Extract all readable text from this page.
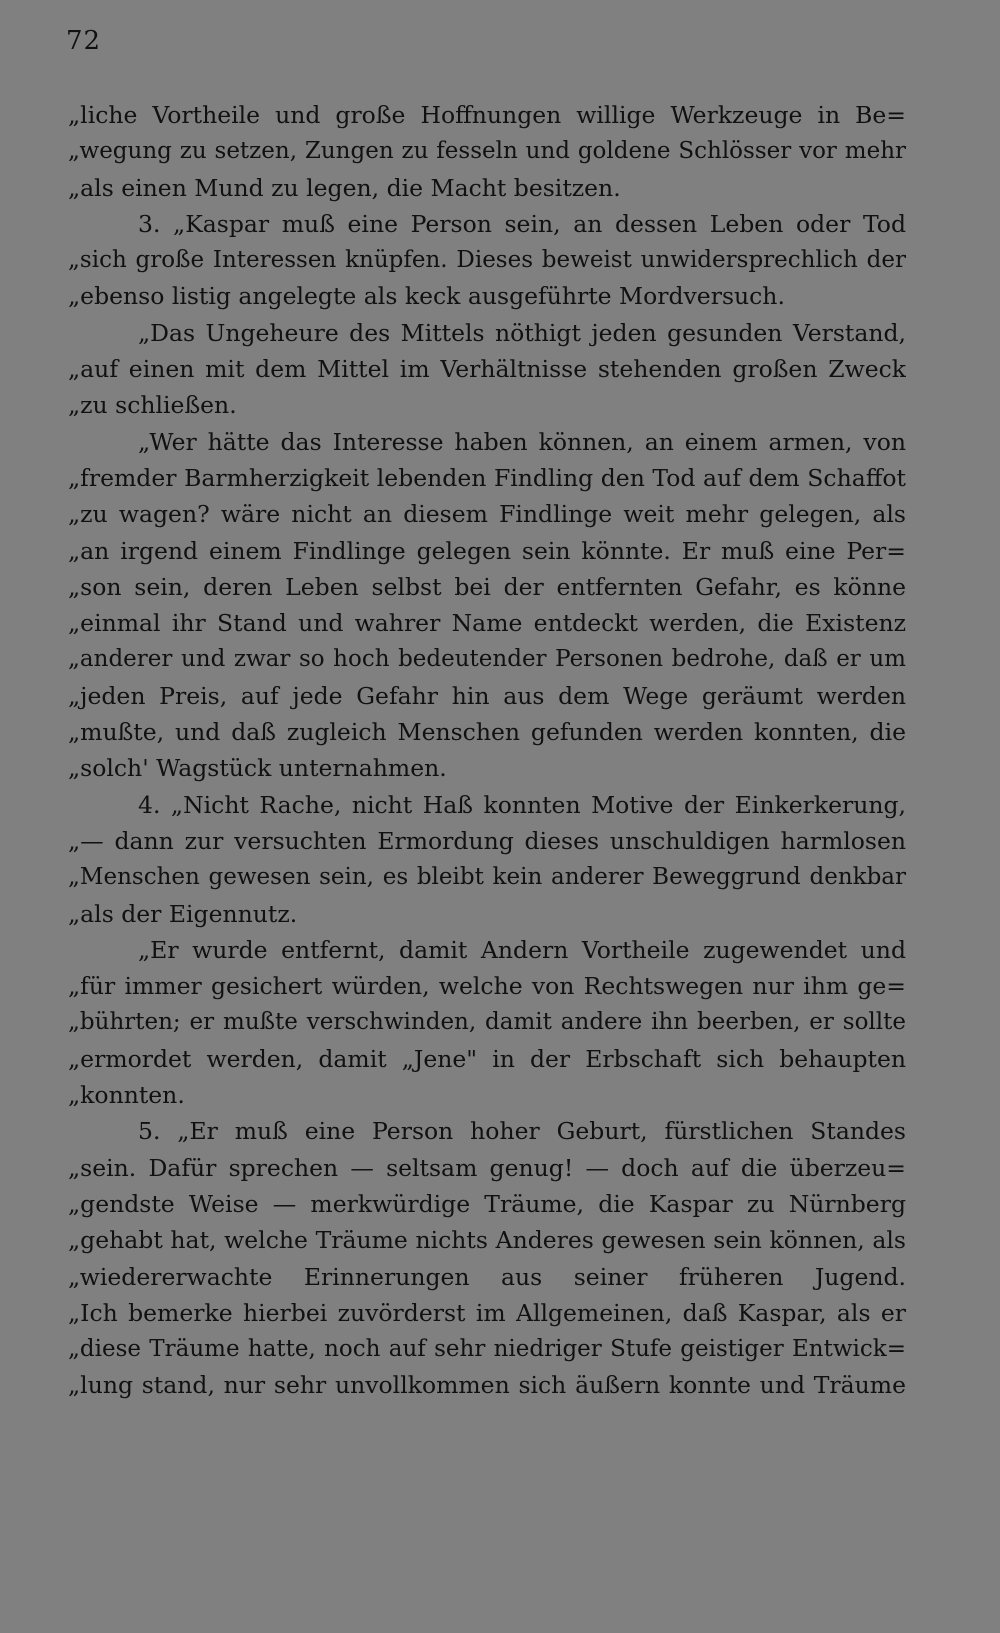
72
„liche Vortheile und große Hoffnungen willige Werkzeuge in Be=
„wegung zu setzen, Zungen zu fesseln und goldene Schlösser vor mehr
„als einen Mund zu legen, die Macht besitzen.
3. „Kaspar muß eine Person sein, an dessen Leben oder Tod
„sich große Interessen knüpfen. Dieses beweist unwidersprechlich der
„ebenso listig angelegte als keck ausgeführte Mordversuch.
„Das Ungeheure des Mittels nöthigt jeden gesunden Verstand,
„auf einen mit dem Mittel im Verhältnisse stehenden großen Zweck
„zu schließen.
„Wer hätte das Interesse haben können, an einem armen, von
„fremder Barmherzigkeit lebenden Findling den Tod auf dem Schaffot
„zu wagen? wäre nicht an diesem Findlinge weit mehr gelegen, als
„an irgend einem Findlinge gelegen sein könnte. Er muß eine Per=
„son sein, deren Leben selbst bei der entfernten Gefahr, es könne
„einmal ihr Stand und wahrer Name entdeckt werden, die Existenz
„anderer und zwar so hoch bedeutender Personen bedrohe, daß er um
„jeden Preis, auf jede Gefahr hin aus dem Wege geräumt werden
„mußte, und daß zugleich Menschen gefunden werden konnten, die
„solch' Wagstück unternahmen.
4. „Nicht Rache, nicht Haß konnten Motive der Einkerkerung,
„— dann zur versuchten Ermordung dieses unschuldigen harmlosen
„Menschen gewesen sein, es bleibt kein anderer Beweggrund denkbar
„als der Eigennutz.
„Er wurde entfernt, damit Andern Vortheile zugewendet und
„für immer gesichert würden, welche von Rechtswegen nur ihm ge=
„bührten; er mußte verschwinden, damit andere ihn beerben, er sollte
„ermordet werden, damit „Jene" in der Erbschaft sich behaupten
„konnten.
5. „Er muß eine Person hoher Geburt, fürstlichen Standes
„sein. Dafür sprechen — seltsam genug! — doch auf die überzeu=
„gendste Weise — merkwürdige Träume, die Kaspar zu Nürnberg
„gehabt hat, welche Träume nichts Anderes gewesen sein können, als
„wiedererwachte Erinnerungen aus seiner früheren Jugend.
„Ich bemerke hierbei zuvörderst im Allgemeinen, daß Kaspar, als er
„diese Träume hatte, noch auf sehr niedriger Stufe geistiger Entwick=
„lung stand, nur sehr unvollkommen sich äußern konnte und Träume
